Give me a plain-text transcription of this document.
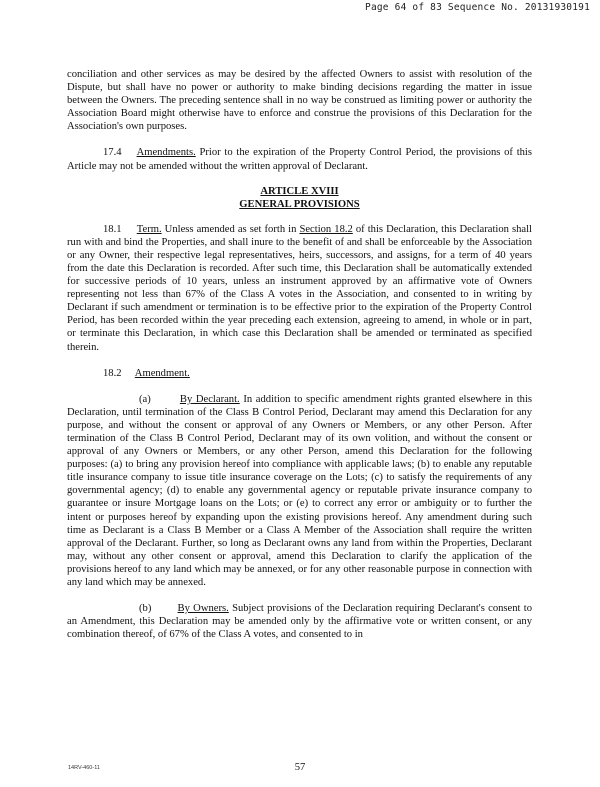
Page 64 of 83 Sequence No. 20131930191

conciliation and other services as may be desired by the affected Owners to assist with resolution of the Dispute, but shall have no power or authority to make binding decisions regarding the matter in issue between the Owners. The preceding sentence shall in no way be construed as limiting power or authority the Association Board might otherwise have to enforce and construe the provisions of this Declaration for the Association's own purposes.

17.4 Amendments. Prior to the expiration of the Property Control Period, the provisions of this Article may not be amended without the written approval of Declarant.

ARTICLE XVIII
GENERAL PROVISIONS

18.1 Term. Unless amended as set forth in Section 18.2 of this Declaration, this Declaration shall run with and bind the Properties, and shall inure to the benefit of and shall be enforceable by the Association or any Owner, their respective legal representatives, heirs, successors, and assigns, for a term of 40 years from the date this Declaration is recorded. After such time, this Declaration shall be automatically extended for successive periods of 10 years, unless an instrument approved by an affirmative vote of Owners representing not less than 67% of the Class A votes in the Association, and consented to in writing by Declarant if such amendment or termination is to be effective prior to the expiration of the Property Control Period, has been recorded within the year preceding each extension, agreeing to amend, in whole or in part, or terminate this Declaration, in which case this Declaration shall be amended or terminated as specified therein.

18.2 Amendment.

(a)	By Declarant. In addition to specific amendment rights granted elsewhere in this Declaration, until termination of the Class B Control Period, Declarant may amend this Declaration for any purpose, and without the consent or approval of any Owners or Members, or any other Person. After termination of the Class B Control Period, Declarant may of its own volition, and without the consent or approval of any Owners or Members, or any other Person, amend this Declaration for the following purposes: (a) to bring any provision hereof into compliance with applicable laws; (b) to enable any reputable title insurance company to issue title insurance coverage on the Lots; (c) to satisfy the requirements of any governmental agency; (d) to enable any governmental agency or reputable private insurance company to guarantee or insure Mortgage loans on the Lots; or (e) to correct any error or ambiguity or to further the intent or purposes hereof by expanding upon the existing provisions hereof. Any amendment during such time as Declarant is a Class B Member or a Class A Member of the Association shall require the written approval of the Declarant. Further, so long as Declarant owns any land from within the Properties, Declarant may, without any other consent or approval, amend this Declaration to clarify the application of the provisions hereof to any land which may be annexed, or for any other reasonable purpose in connection with any land which may be annexed.

(b) By Owners. Subject provisions of the Declaration requiring Declarant's consent to an Amendment, this Declaration may be amended only by the affirmative vote or written consent, or any combination thereof, of 67% of the Class A votes, and consented to in

14RV-460-11	57
